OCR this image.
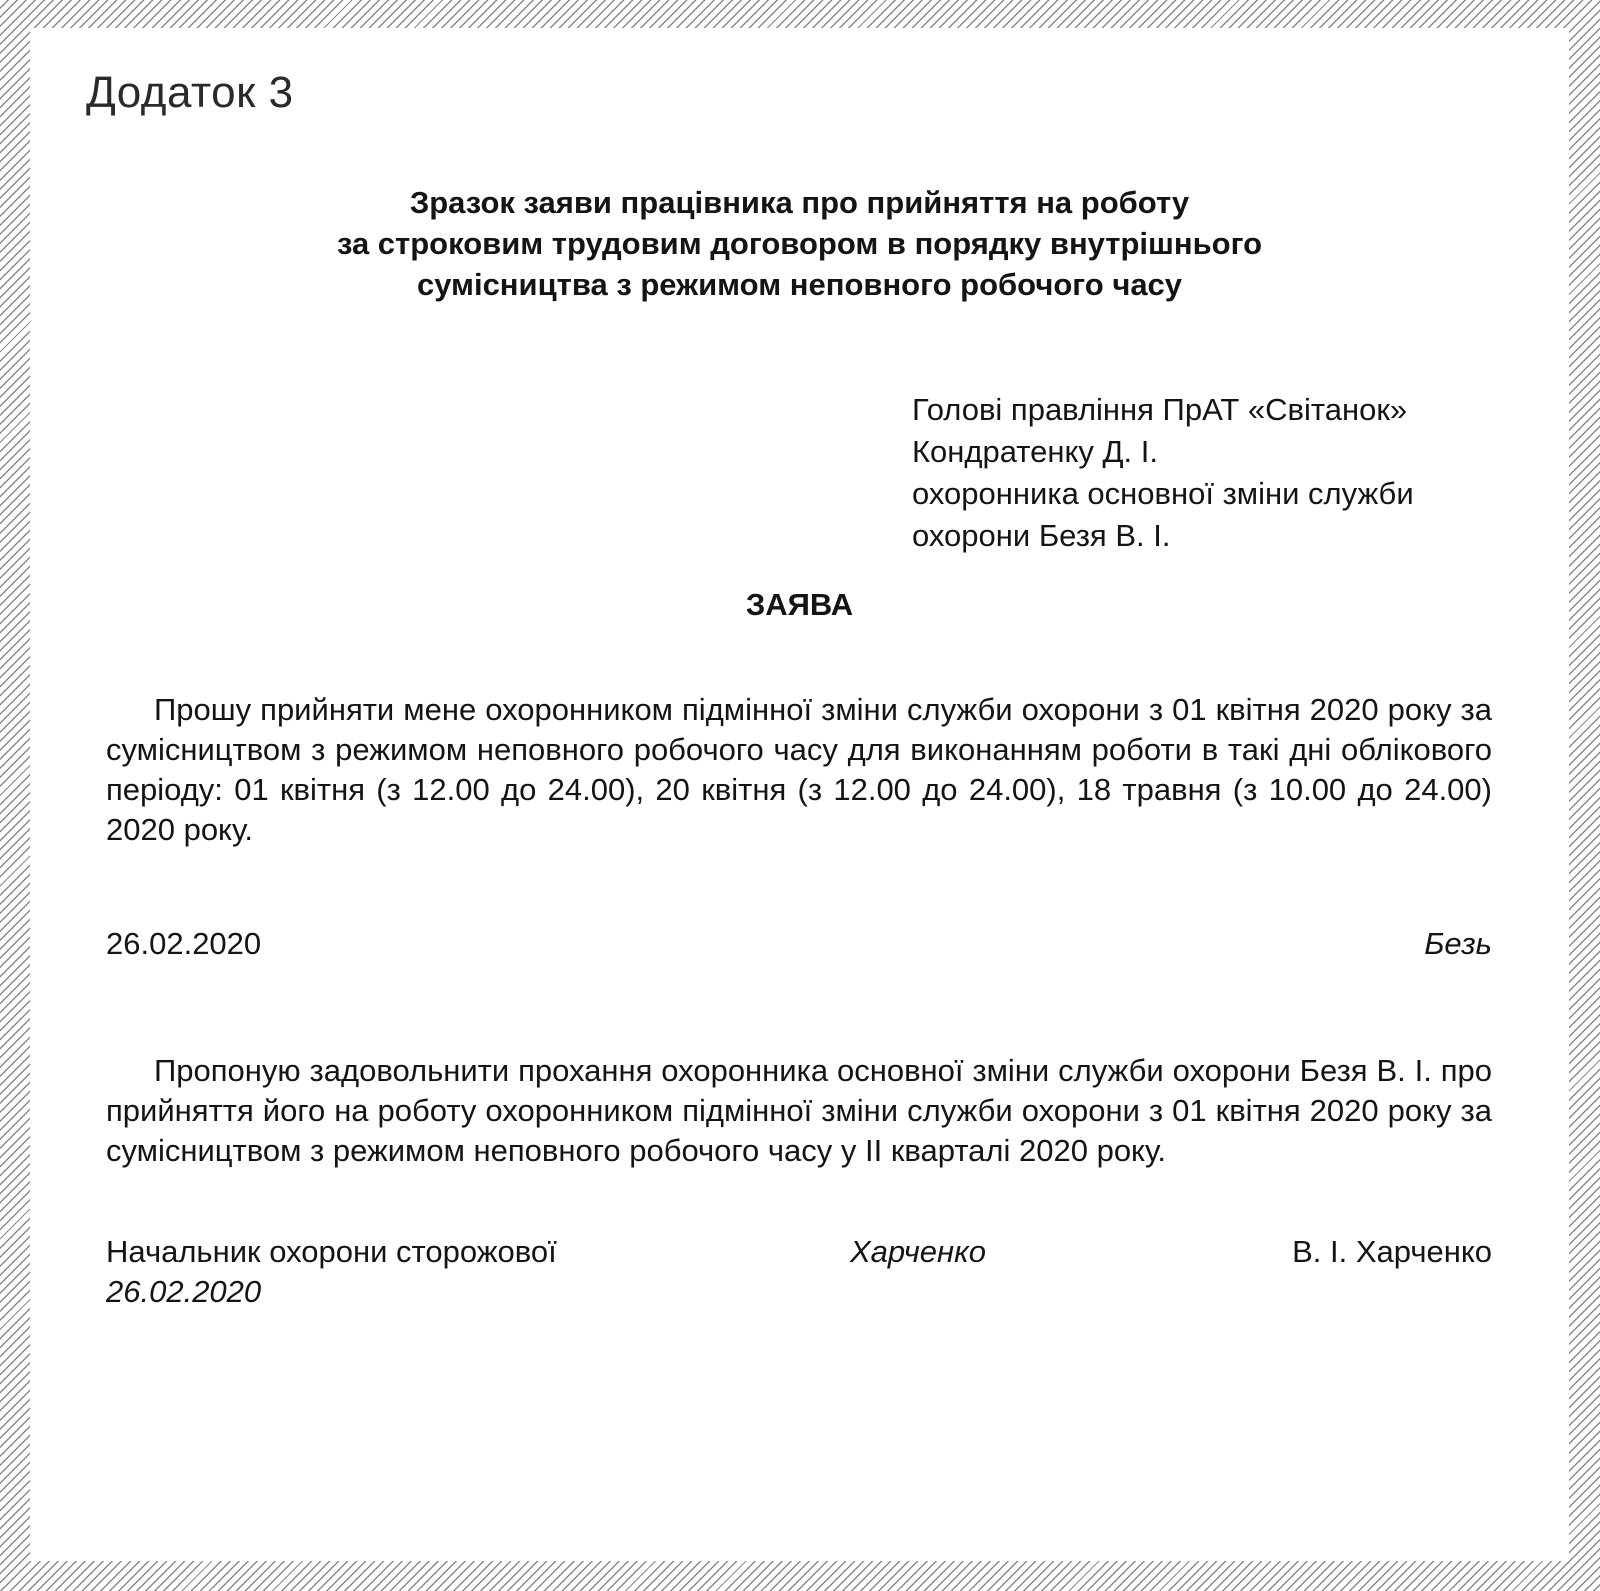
Додаток 3
Зразок заяви працівника про прийняття на роботу
за строковим трудовим договором в порядку внутрішнього
сумісництва з режимом неповного робочого часу
Голові правління ПрАТ «Світанок»
Кондратенку Д. І.
охоронника основної зміни служби
охорони Безя В. І.
ЗАЯВА
Прошу прийняти мене охоронником підмінної зміни служби охорони з 01 квітня 2020 року за сумісництвом з режимом неповного робочого часу для виконанням роботи в такі дні облікового періоду: 01 квітня (з 12.00 до 24.00), 20 квітня (з 12.00 до 24.00), 18 травня (з 10.00 до 24.00) 2020 року.
26.02.2020	Безь
Пропоную задовольнити прохання охоронника основної зміни служби охорони Безя В. І. про прийняття його на роботу охоронником підмінної зміни служби охорони з 01 квітня 2020 року за сумісництвом з режимом неповного робочого часу у ІІ кварталі 2020 року.
Начальник охорони сторожової	Харченко	В. І. Харченко
26.02.2020
